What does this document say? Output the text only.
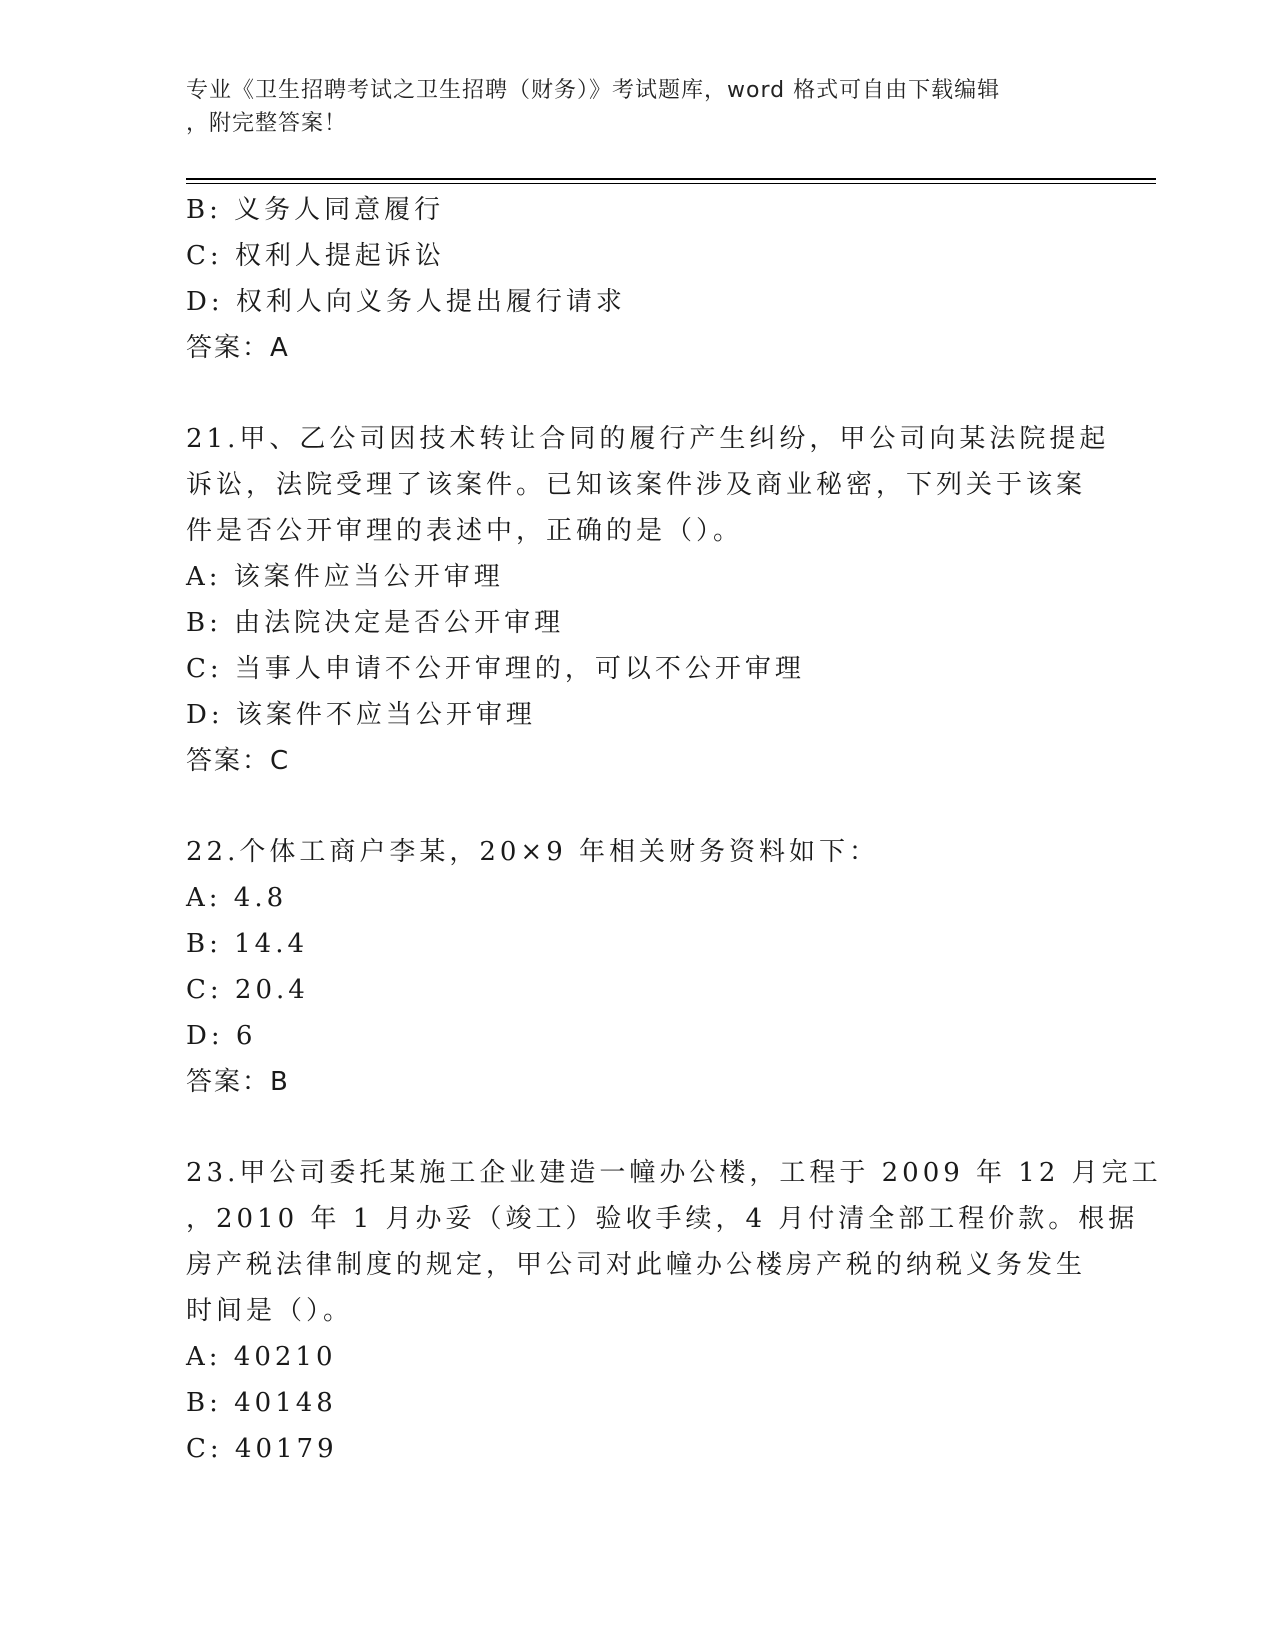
专业《卫生招聘考试之卫生招聘（财务）》考试题库，word 格式可自由下载编辑
，附完整答案！
B: 义务人同意履行
C: 权利人提起诉讼
D: 权利人向义务人提出履行请求
答案：A
21.甲、乙公司因技术转让合同的履行产生纠纷，甲公司向某法院提起
诉讼，法院受理了该案件。已知该案件涉及商业秘密，下列关于该案
件是否公开审理的表述中，正确的是（）。
A: 该案件应当公开审理
B: 由法院决定是否公开审理
C: 当事人申请不公开审理的，可以不公开审理
D: 该案件不应当公开审理
答案：C
22.个体工商户李某，20×9 年相关财务资料如下：
A: 4.8
B: 14.4
C: 20.4
D: 6
答案：B
23.甲公司委托某施工企业建造一幢办公楼，工程于 2009 年 12 月完工
，2010 年 1 月办妥（竣工）验收手续，4 月付清全部工程价款。根据
房产税法律制度的规定，甲公司对此幢办公楼房产税的纳税义务发生
时间是（）。
A: 40210
B: 40148
C: 40179
